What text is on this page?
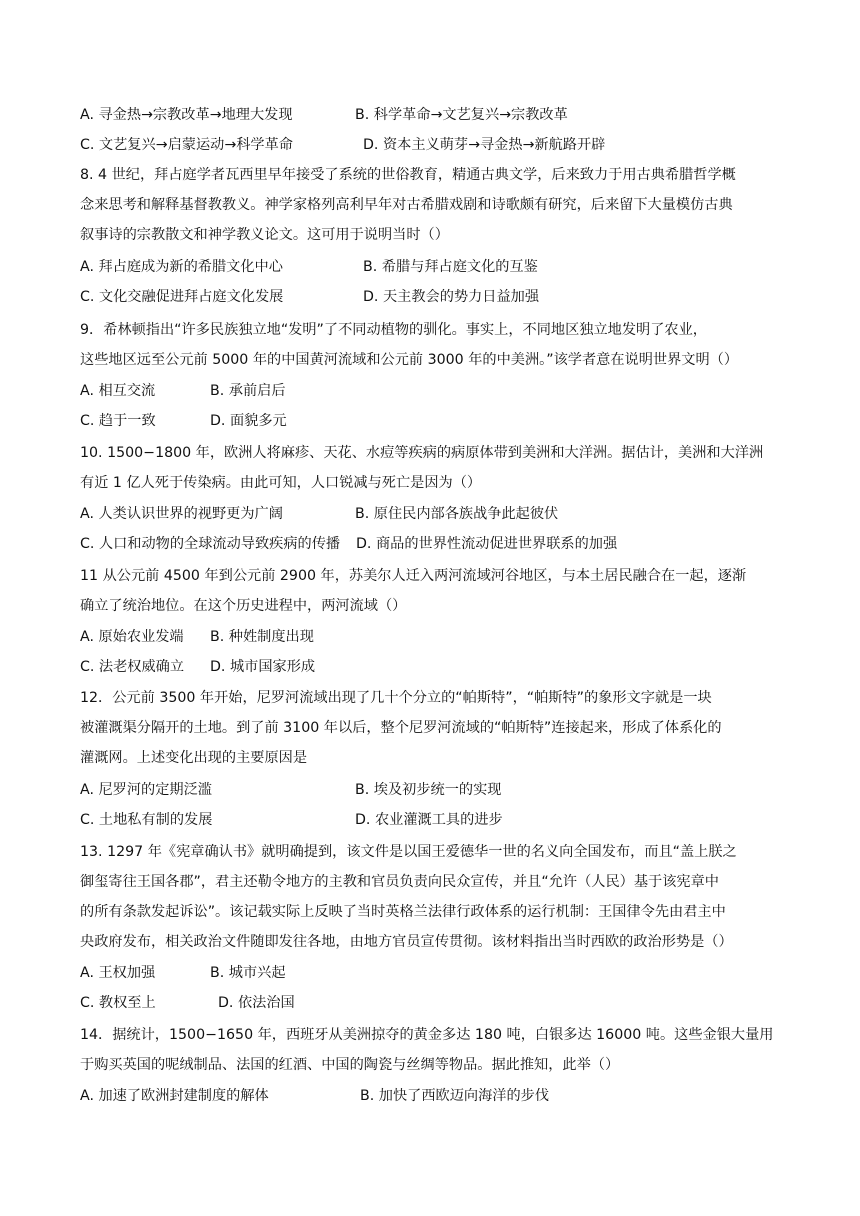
A. 寻金热→宗教改革→地理大发现	B. 科学革命→文艺复兴→宗教改革
C. 文艺复兴→启蒙运动→科学革命	D. 资本主义萌芽→寻金热→新航路开辟
8. 4 世纪，拜占庭学者瓦西里早年接受了系统的世俗教育，精通古典文学，后来致力于用古典希腊哲学概
念来思考和解释基督教教义。神学家格列高利早年对古希腊戏剧和诗歌颇有研究，后来留下大量模仿古典
叙事诗的宗教散文和神学教义论文。这可用于说明当时（）
A. 拜占庭成为新的希腊文化中心	B. 希腊与拜占庭文化的互鉴
C. 文化交融促进拜占庭文化发展	D. 天主教会的势力日益加强
9．希林顿指出“许多民族独立地“发明”了不同动植物的驯化。事实上，不同地区独立地发明了农业，
这些地区远至公元前 5000 年的中国黄河流域和公元前 3000 年的中美洲。”该学者意在说明世界文明（）
A. 相互交流	B. 承前启后
C. 趋于一致	D. 面貌多元
10. 1500−1800 年，欧洲人将麻疹、天花、水痘等疾病的病原体带到美洲和大洋洲。据估计，美洲和大洋洲
有近 1 亿人死于传染病。由此可知，人口锐减与死亡是因为（）
A. 人类认识世界的视野更为广阔	B. 原住民内部各族战争此起彼伏
C. 人口和动物的全球流动导致疾病的传播 D. 商品的世界性流动促进世界联系的加强
11 从公元前 4500 年到公元前 2900 年，苏美尔人迁入两河流域河谷地区，与本土居民融合在一起，逐渐
确立了统治地位。在这个历史进程中，两河流域（）
A. 原始农业发端 B. 种姓制度出现
C. 法老权威确立 D. 城市国家形成
12．公元前 3500 年开始，尼罗河流域出现了几十个分立的“帕斯特”，“帕斯特”的象形文字就是一块
被灌溉渠分隔开的土地。到了前 3100 年以后，整个尼罗河流域的“帕斯特”连接起来，形成了体系化的
灌溉网。上述变化出现的主要原因是
A. 尼罗河的定期泛滥	B. 埃及初步统一的实现
C. 土地私有制的发展	D. 农业灌溉工具的进步
13. 1297 年《宪章确认书》就明确提到，该文件是以国王爱德华一世的名义向全国发布，而且“盖上朕之
御玺寄往王国各郡”，君主还勒令地方的主教和官员负责向民众宣传，并且“允许（人民）基于该宪章中
的所有条款发起诉讼”。该记载实际上反映了当时英格兰法律行政体系的运行机制：王国律令先由君主中
央政府发布，相关政治文件随即发往各地，由地方官员宣传贯彻。该材料指出当时西欧的政治形势是（）
A. 王权加强	B. 城市兴起
C. 教权至上	D. 依法治国
14．据统计，1500−1650 年，西班牙从美洲掠夺的黄金多达 180 吨，白银多达 16000 吨。这些金银大量用
于购买英国的呢绒制品、法国的红酒、中国的陶瓷与丝绸等物品。据此推知，此举（）
A. 加速了欧洲封建制度的解体	B. 加快了西欧迈向海洋的步伐
